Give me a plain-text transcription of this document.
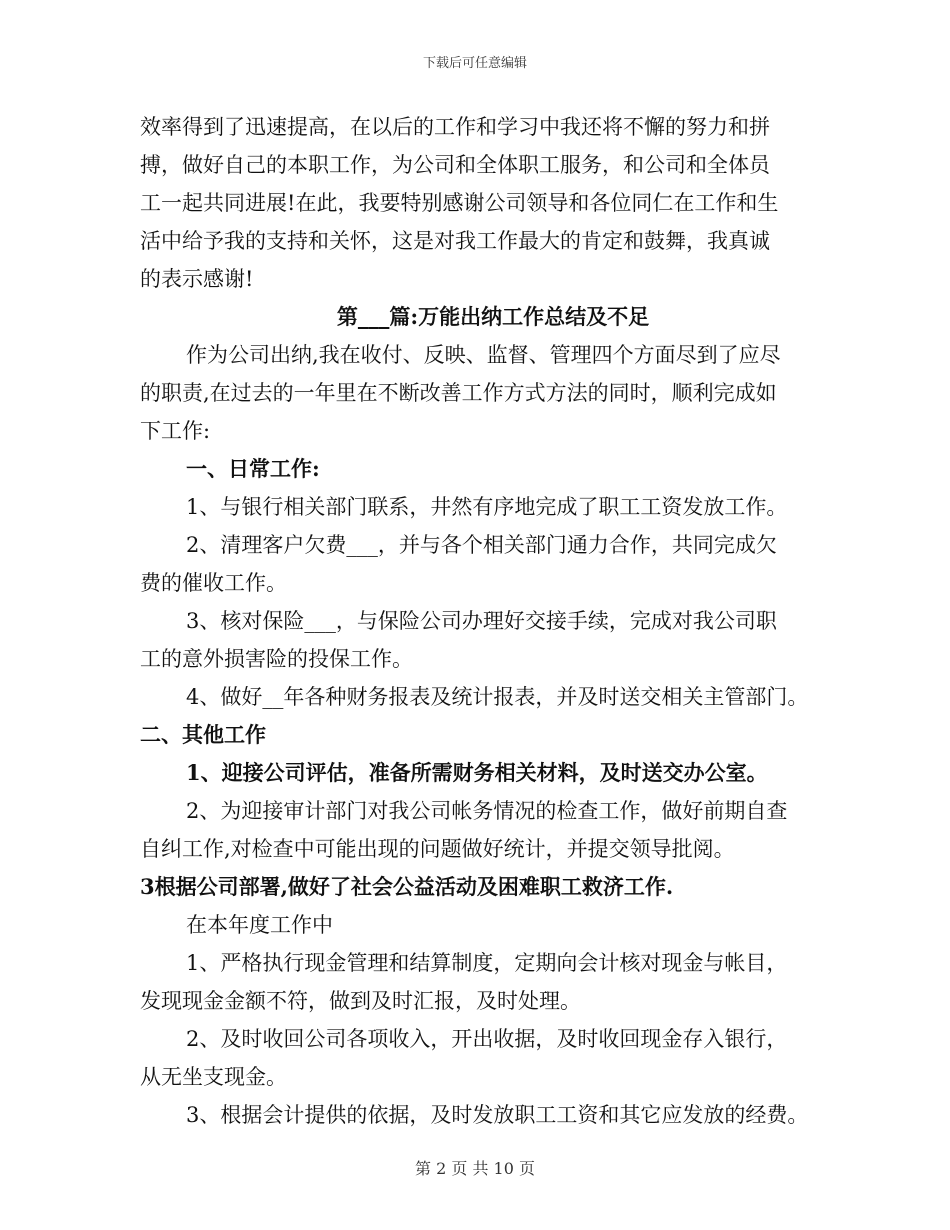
下载后可任意编辑
效率得到了迅速提高，在以后的工作和学习中我还将不懈的努力和拼
搏，做好自己的本职工作，为公司和全体职工服务，和公司和全体员
工一起共同进展!在此，我要特别感谢公司领导和各位同仁在工作和生
活中给予我的支持和关怀，这是对我工作最大的肯定和鼓舞，我真诚
的表示感谢!
第___篇:万能出纳工作总结及不足
作为公司出纳,我在收付、反映、监督、管理四个方面尽到了应尽
的职责,在过去的一年里在不断改善工作方式方法的同时，顺利完成如
下工作:
一、日常工作:
1、与银行相关部门联系，井然有序地完成了职工工资发放工作。
2、清理客户欠费___，并与各个相关部门通力合作，共同完成欠
费的催收工作。
3、核对保险___，与保险公司办理好交接手续，完成对我公司职
工的意外损害险的投保工作。
4、做好__年各种财务报表及统计报表，并及时送交相关主管部门。
二、其他工作
1、迎接公司评估，准备所需财务相关材料，及时送交办公室。
2、为迎接审计部门对我公司帐务情况的检查工作，做好前期自查
自纠工作,对检查中可能出现的问题做好统计，并提交领导批阅。
3根据公司部署,做好了社会公益活动及困难职工救济工作.
在本年度工作中
1、严格执行现金管理和结算制度，定期向会计核对现金与帐目，
发现现金金额不符，做到及时汇报，及时处理。
2、及时收回公司各项收入，开出收据，及时收回现金存入银行，
从无坐支现金。
3、根据会计提供的依据，及时发放职工工资和其它应发放的经费。
第 2 页 共 10 页
